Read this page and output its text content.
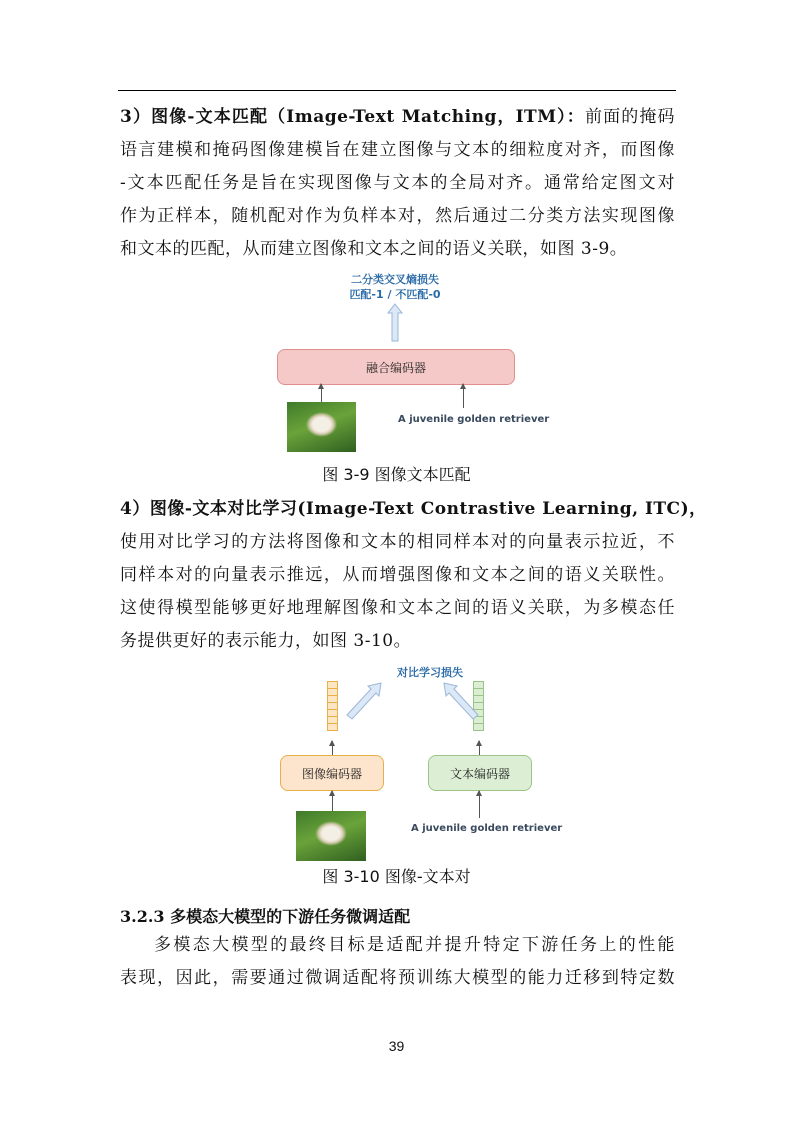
3）图像-文本匹配（Image-Text Matching，ITM）：前面的掩码
语言建模和掩码图像建模旨在建立图像与文本的细粒度对齐，而图像
-文本匹配任务是旨在实现图像与文本的全局对齐。通常给定图文对
作为正样本，随机配对作为负样本对，然后通过二分类方法实现图像
和文本的匹配，从而建立图像和文本之间的语义关联，如图 3-9。
二分类交叉熵损失
匹配-1 / 不匹配-0
融合编码器
A juvenile golden retriever
图 3-9 图像文本匹配
4）图像-文本对比学习(Image-Text Contrastive Learning, ITC)，
使用对比学习的方法将图像和文本的相同样本对的向量表示拉近，不
同样本对的向量表示推远，从而增强图像和文本之间的语义关联性。
这使得模型能够更好地理解图像和文本之间的语义关联，为多模态任
务提供更好的表示能力，如图 3-10。
对比学习损失
图像编码器	文本编码器
A juvenile golden retriever
图 3-10 图像-文本对
3.2.3 多模态大模型的下游任务微调适配
多模态大模型的最终目标是适配并提升特定下游任务上的性能
表现，因此，需要通过微调适配将预训练大模型的能力迁移到特定数
39
